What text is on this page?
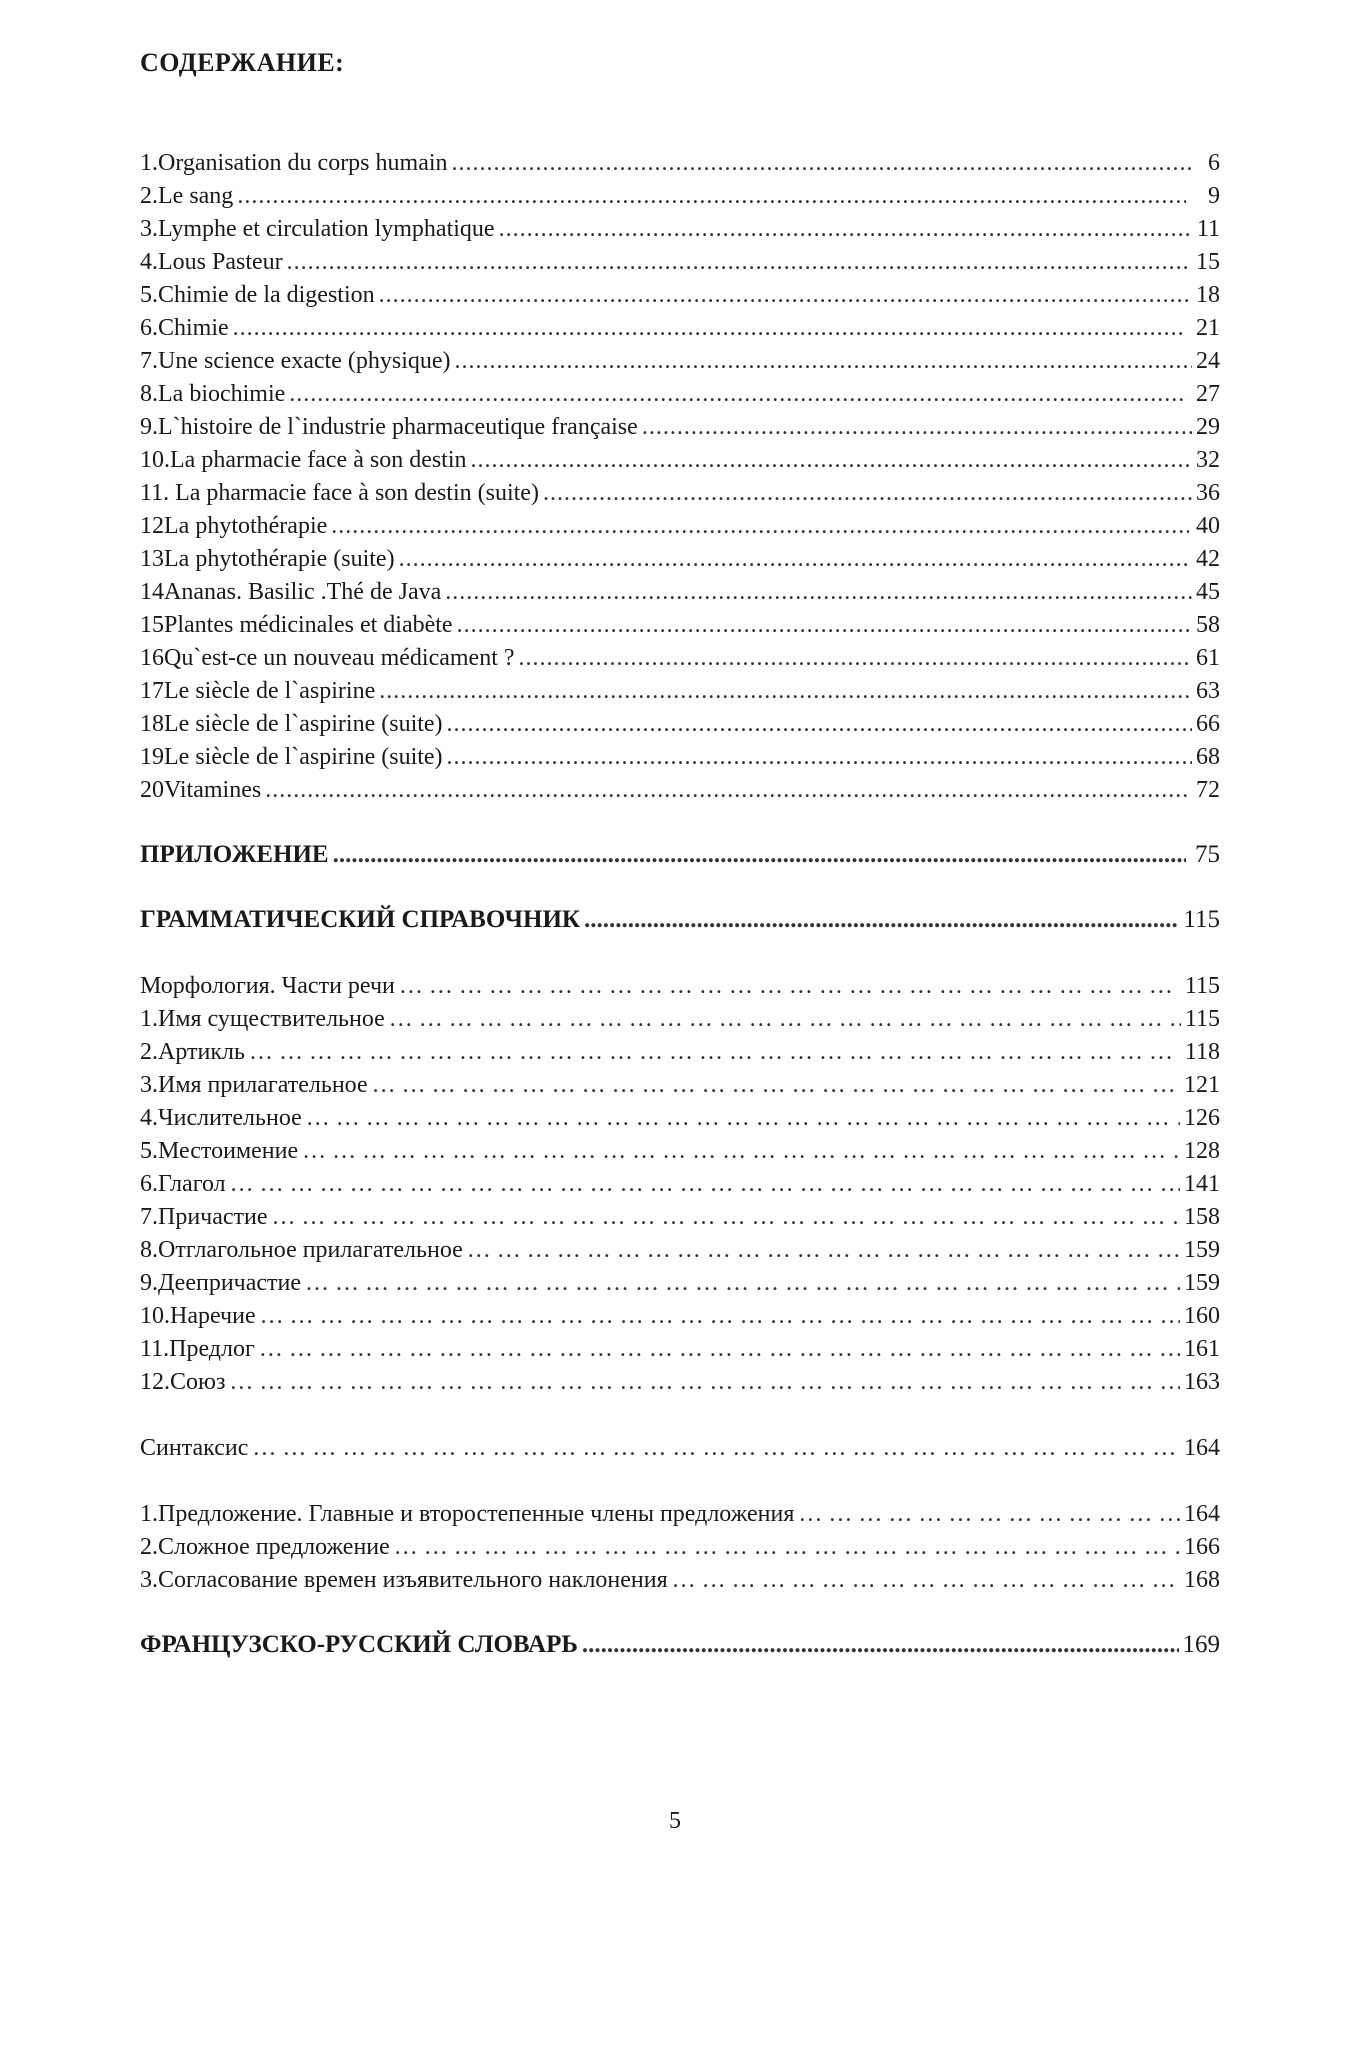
СОДЕРЖАНИЕ:
1.Organisation du corps humain .....	6
2.Le sang .....	9
3.Lymphe et circulation lymphatique .....	11
4.Lous Pasteur .....	15
5.Chimie de la digestion .....	18
6.Chimie .....	21
7.Une science exacte (physique) .....	24
8.La biochimie .....	27
9.L`histoire de l`industrie pharmaceutique française .....	29
10.La pharmacie face à son destin .....	32
11. La pharmacie face à son destin (suite) .....	36
12La phytothérapie .....	40
13La phytothérapie (suite) .....	42
14Ananas. Basilic .Thé de Java .....	45
15Plantes médicinales et diabète .....	58
16Qu`est-ce un nouveau médicament ? .....	61
17Le siècle de l`aspirine .....	63
18Le siècle de l`aspirine (suite) .....	66
19Le siècle de l`aspirine (suite) .....	68
20Vitamines .....	72
ПРИЛОЖЕНИЕ .....	75
ГРАММАТИЧЕСКИЙ СПРАВОЧНИК .....	115
Морфология. Части речи … … … … … … … … … … … … … … … … … … … … … … … … … … … … … … … … … … … … … … … … … … … … … … … … … … … … … … … … … … … … … … … … … … … … … … …	115
1.Имя существительное … … … … … … … … … … … … … … … … … … … … … … … … … … … … … … … … … … … … … … … … … … … … … … … … … … … … … … … … … … … … … … … … … … … … … … …	115
2.Артикль … … … … … … … … … … … … … … … … … … … … … … … … … … … … … … … … … … … … … … … … … … … … … … … … … … … … … … … … … … … … … … … … … … … … … … …	118
3.Имя прилагательное … … … … … … … … … … … … … … … … … … … … … … … … … … … … … … … … … … … … … … … … … … … … … … … … … … … … … … … … … … … … … … … … … … … … … … …	121
4.Числительное … … … … … … … … … … … … … … … … … … … … … … … … … … … … … … … … … … … … … … … … … … … … … … … … … … … … … … … … … … … … … … … … … … … … … … …	126
5.Местоимение … … … … … … … … … … … … … … … … … … … … … … … … … … … … … … … … … … … … … … … … … … … … … … … … … … … … … … … … … … … … … … … … … … … … … … …	128
6.Глагол … … … … … … … … … … … … … … … … … … … … … … … … … … … … … … … … … … … … … … … … … … … … … … … … … … … … … … … … … … … … … … … … … … … … … … …	141
7.Причастие … … … … … … … … … … … … … … … … … … … … … … … … … … … … … … … … … … … … … … … … … … … … … … … … … … … … … … … … … … … … … … … … … … … … … … …	158
8.Отглагольное прилагательное … … … … … … … … … … … … … … … … … … … … … … … … … … … … … … … … … … … … … … … … … … … … … … … … … … … … … … … … … … … … … … … … … … … … … … …	159
9.Деепричастие … … … … … … … … … … … … … … … … … … … … … … … … … … … … … … … … … … … … … … … … … … … … … … … … … … … … … … … … … … … … … … … … … … … … … … …	159
10.Наречие … … … … … … … … … … … … … … … … … … … … … … … … … … … … … … … … … … … … … … … … … … … … … … … … … … … … … … … … … … … … … … … … … … … … … … …	160
11.Предлог … … … … … … … … … … … … … … … … … … … … … … … … … … … … … … … … … … … … … … … … … … … … … … … … … … … … … … … … … … … … … … … … … … … … … … …	161
12.Союз … … … … … … … … … … … … … … … … … … … … … … … … … … … … … … … … … … … … … … … … … … … … … … … … … … … … … … … … … … … … … … … … … … … … … … …	163
Синтаксис … … … … … … … … … … … … … … … … … … … … … … … … … … … … … … … … … … … … … … … … … … … … … … … … … … … … … … … … … … … … … … … … … … … … … … …	164
1.Предложение. Главные и второстепенные члены предложения … … … … … … … … … … … … … … … … … … … … … … … … … … … … … … … … … … … … … … … … … … … … … … … … … … … … … … … … … … … … … … … … … … … … … … …	164
2.Сложное предложение … … … … … … … … … … … … … … … … … … … … … … … … … … … … … … … … … … … … … … … … … … … … … … … … … … … … … … … … … … … … … … … … … … … … … … …	166
3.Согласование времен изъявительного наклонения … … … … … … … … … … … … … … … … … … … … … … … … … … … … … … … … … … … … … … … … … … … … … … … … … … … … … … … … … … … … … … … … … … … … … … …	168
ФРАНЦУЗСКО-РУССКИЙ СЛОВАРЬ .....	169
5
